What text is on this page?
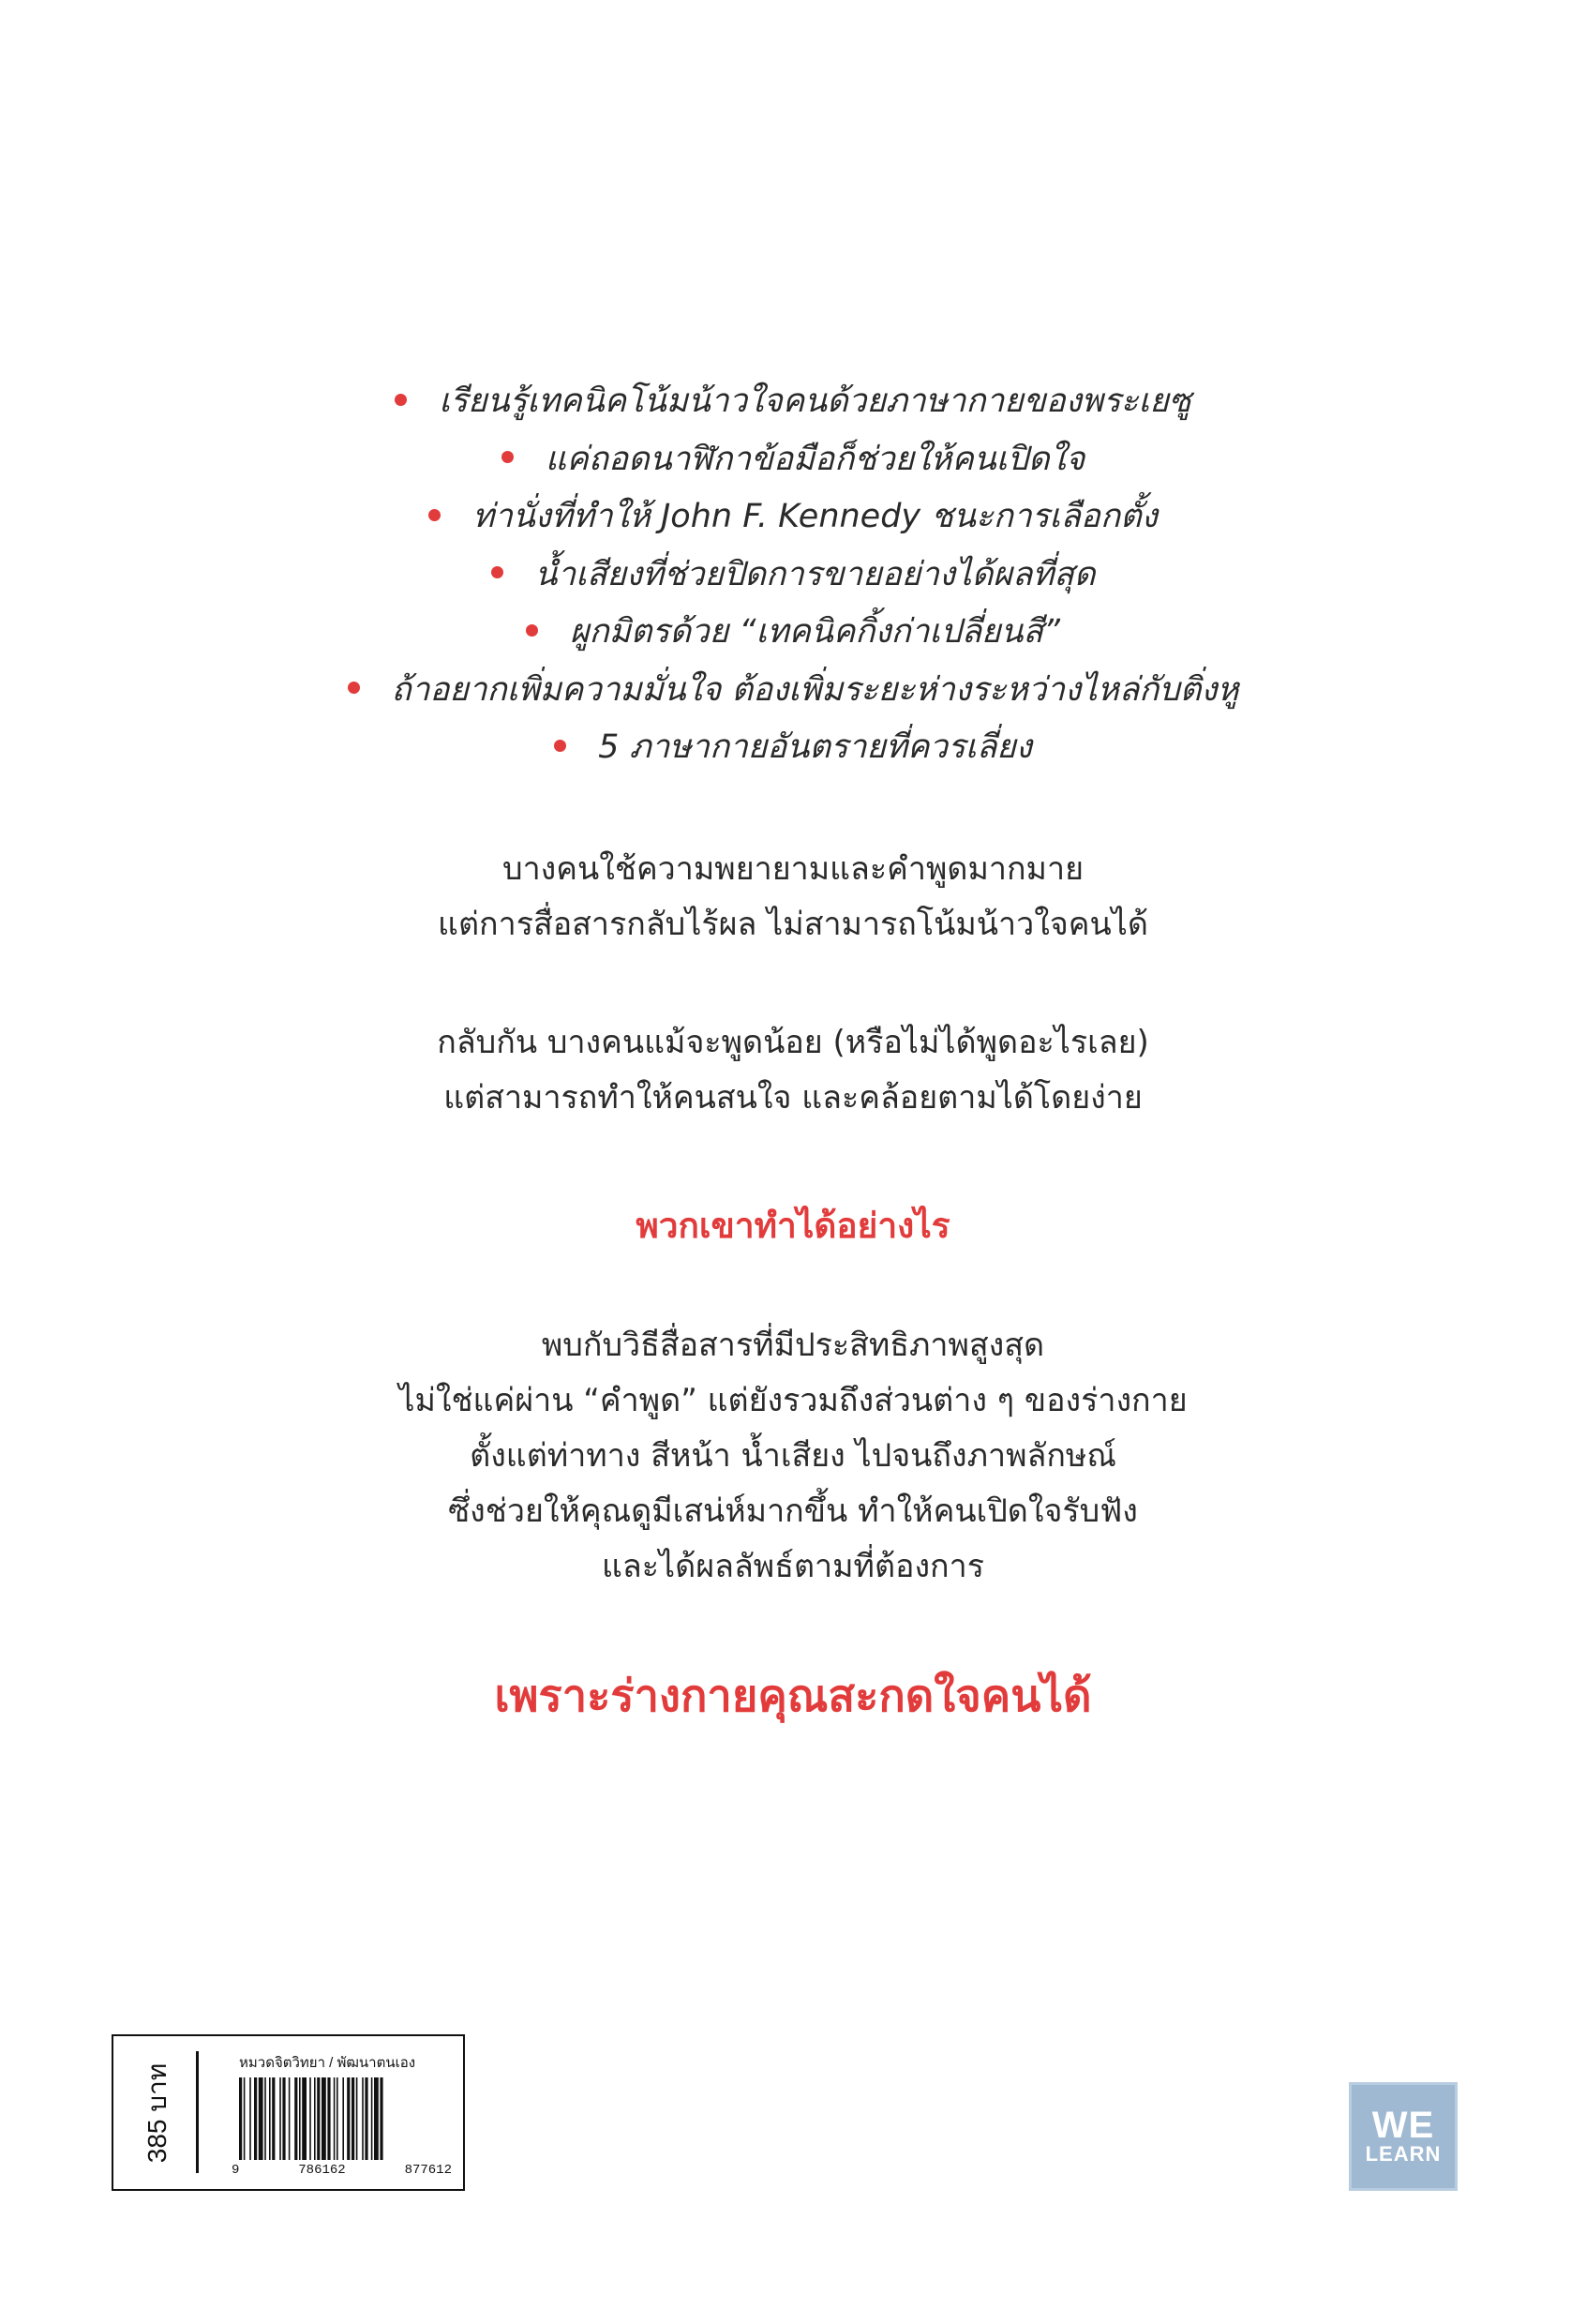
เรียนรู้เทคนิคโน้มน้าวใจคนด้วยภาษากายของพระเยซู
แค่ถอดนาฬิกาข้อมือก็ช่วยให้คนเปิดใจ
ท่านั่งที่ทำให้ John F. Kennedy ชนะการเลือกตั้ง
น้ำเสียงที่ช่วยปิดการขายอย่างได้ผลที่สุด
ผูกมิตรด้วย “เทคนิคกิ้งก่าเปลี่ยนสี”
ถ้าอยากเพิ่มความมั่นใจ ต้องเพิ่มระยะห่างระหว่างไหล่กับติ่งหู
5 ภาษากายอันตรายที่ควรเลี่ยง
บางคนใช้ความพยายามและคำพูดมากมาย
แต่การสื่อสารกลับไร้ผล ไม่สามารถโน้มน้าวใจคนได้
กลับกัน บางคนแม้จะพูดน้อย (หรือไม่ได้พูดอะไรเลย)
แต่สามารถทำให้คนสนใจ และคล้อยตามได้โดยง่าย
พวกเขาทำได้อย่างไร
พบกับวิธีสื่อสารที่มีประสิทธิภาพสูงสุด
ไม่ใช่แค่ผ่าน “คำพูด” แต่ยังรวมถึงส่วนต่าง ๆ ของร่างกาย
ตั้งแต่ท่าทาง สีหน้า น้ำเสียง ไปจนถึงภาพลักษณ์
ซึ่งช่วยให้คุณดูมีเสน่ห์มากขึ้น ทำให้คนเปิดใจรับฟัง
และได้ผลลัพธ์ตามที่ต้องการ
เพราะร่างกายคุณสะกดใจคนได้
385 บาท
หมวดจิตวิทยา / พัฒนาตนเอง
9	786162	877612
WE
LEARN
